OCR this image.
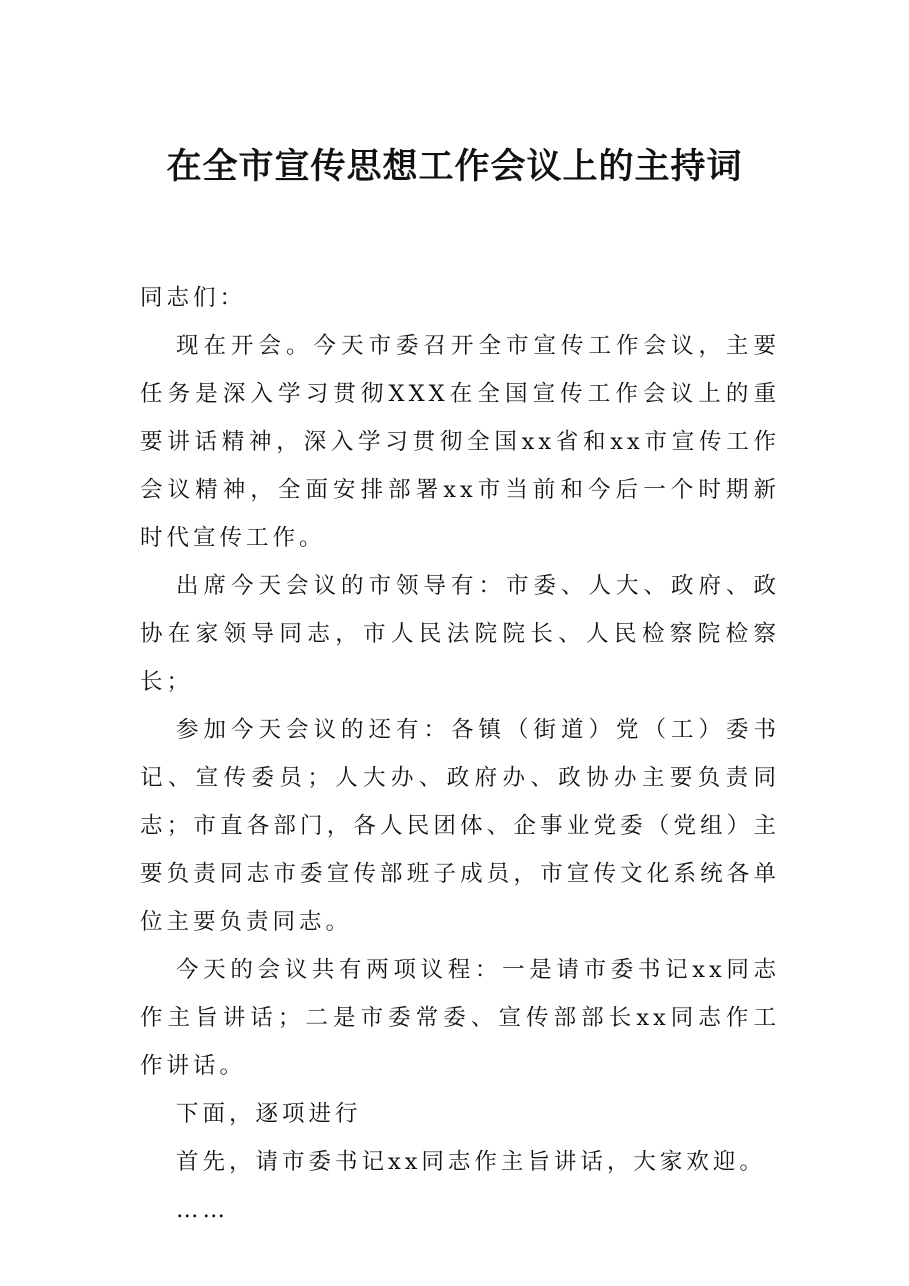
在全市宣传思想工作会议上的主持词

同志们：

现在开会。今天市委召开全市宣传工作会议，主要任务是深入学习贯彻XXX在全国宣传工作会议上的重要讲话精神，深入学习贯彻全国xx省和xx市宣传工作会议精神，全面安排部署xx市当前和今后一个时期新时代宣传工作。

出席今天会议的市领导有：市委、人大、政府、政协在家领导同志，市人民法院院长、人民检察院检察长；

参加今天会议的还有：各镇（街道）党（工）委书记、宣传委员；人大办、政府办、政协办主要负责同志；市直各部门，各人民团体、企事业党委（党组）主要负责同志市委宣传部班子成员，市宣传文化系统各单位主要负责同志。

今天的会议共有两项议程：一是请市委书记xx同志作主旨讲话；二是市委常委、宣传部部长xx同志作工作讲话。

下面，逐项进行

首先，请市委书记xx同志作主旨讲话，大家欢迎。

……
